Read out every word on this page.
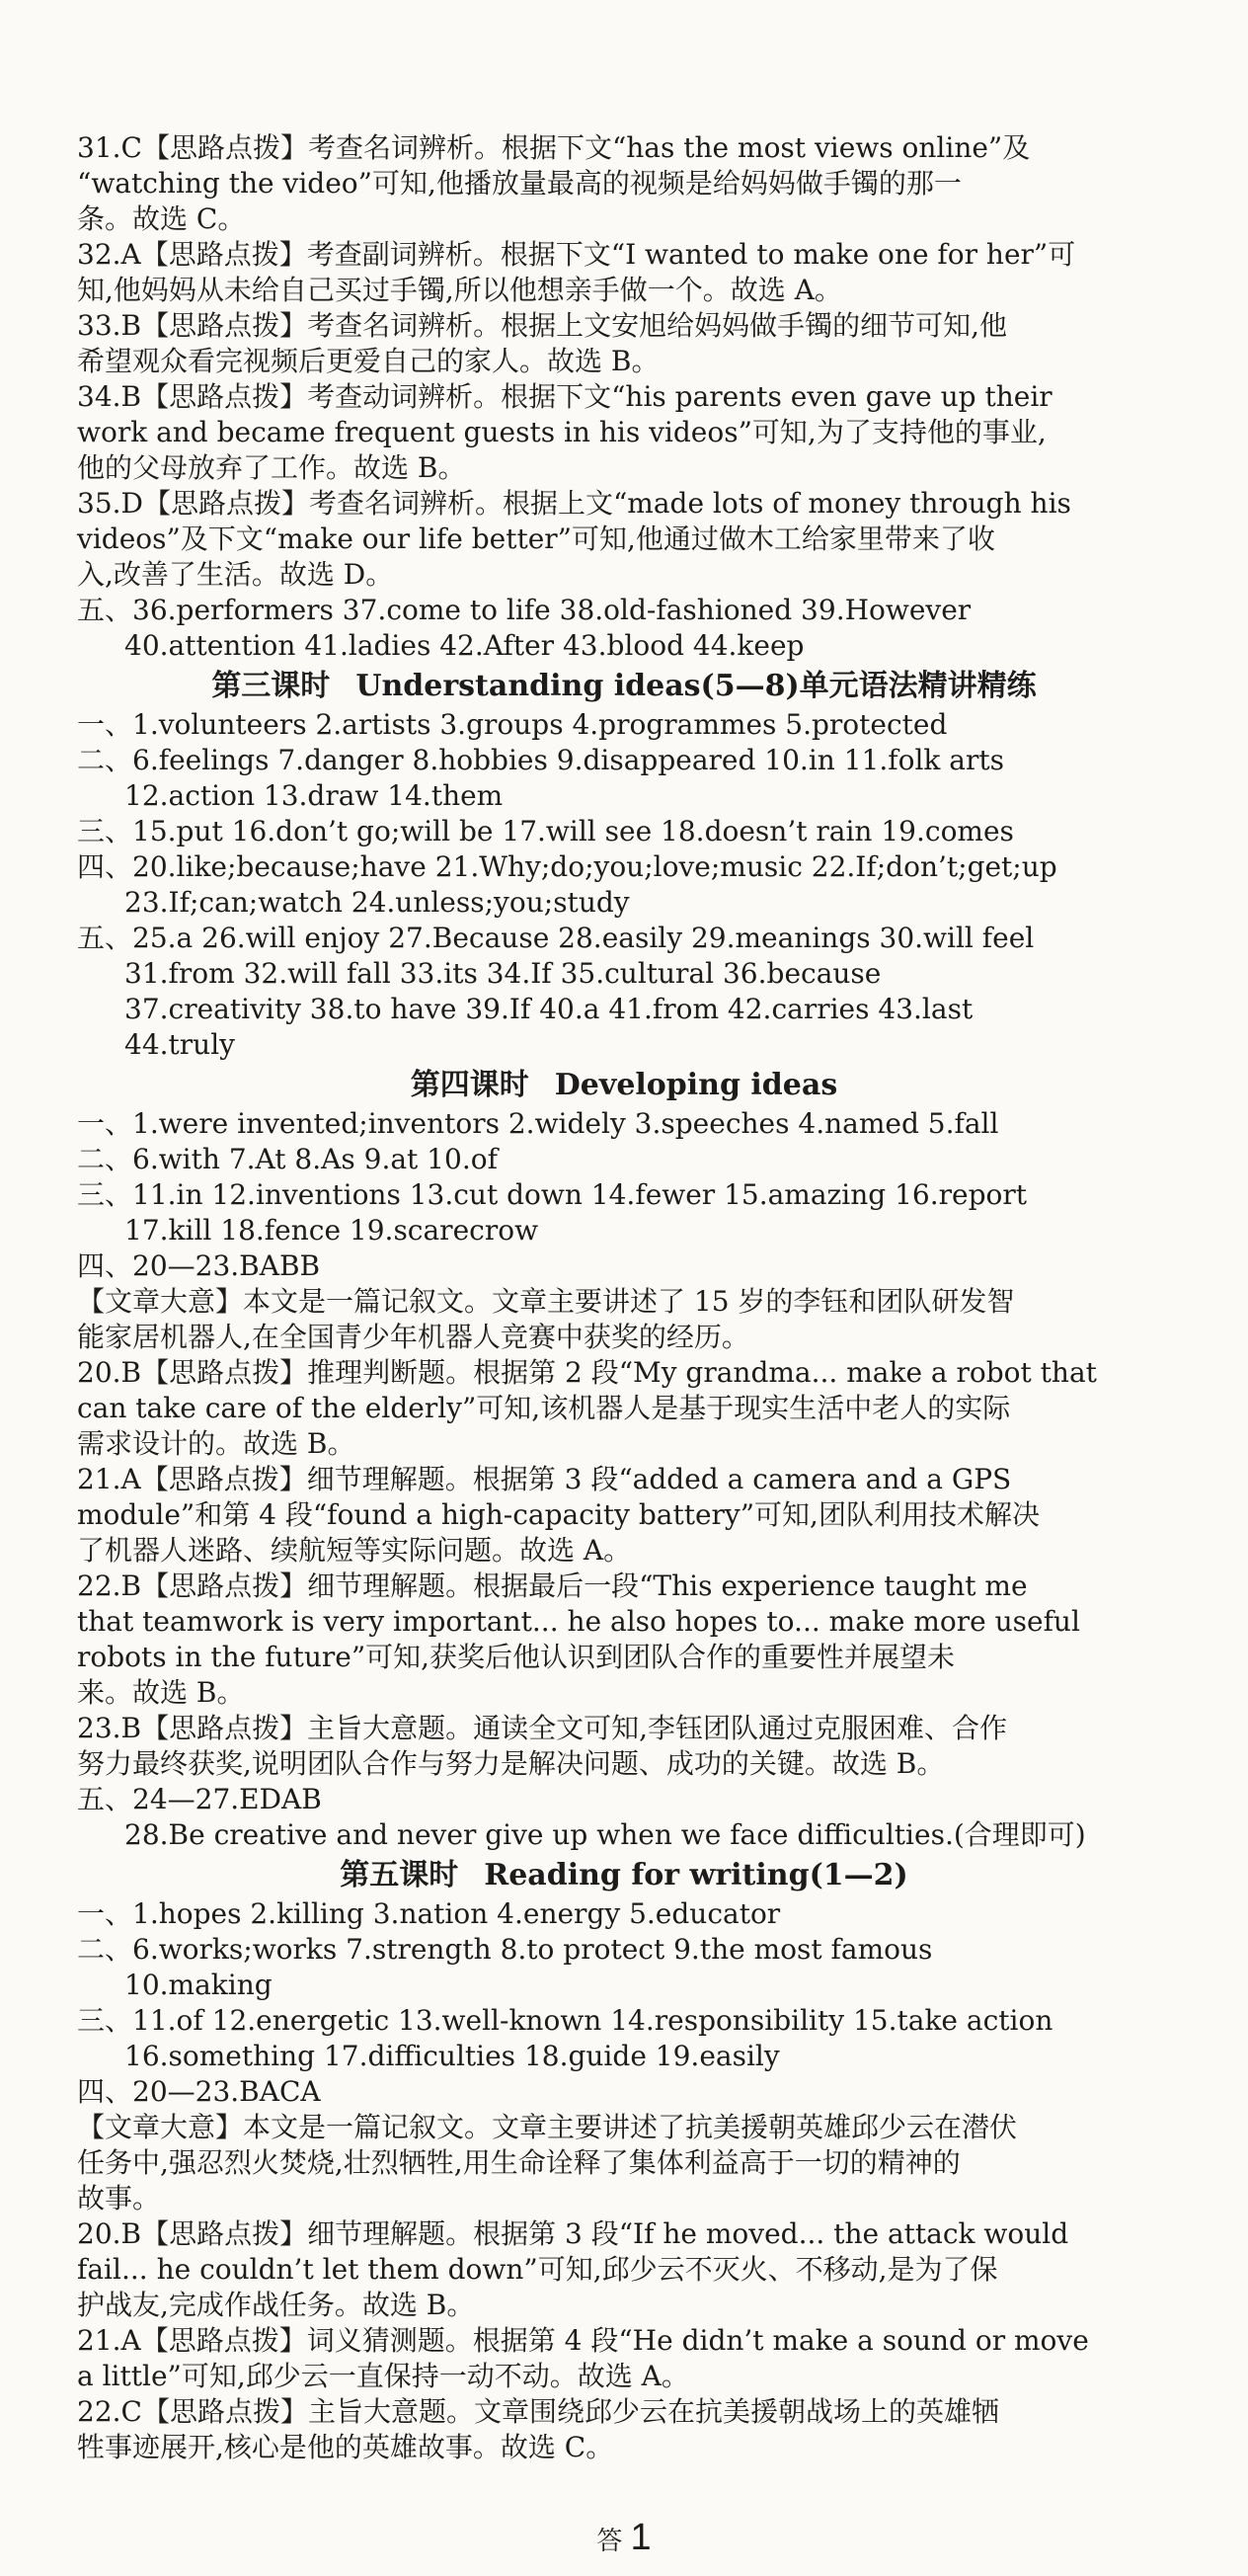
31.C【思路点拨】考查名词辨析。根据下文“has the most views online”及
“watching the video”可知,他播放量最高的视频是给妈妈做手镯的那一
条。故选 C。
32.A【思路点拨】考查副词辨析。根据下文“I wanted to make one for her”可
知,他妈妈从未给自己买过手镯,所以他想亲手做一个。故选 A。
33.B【思路点拨】考查名词辨析。根据上文安旭给妈妈做手镯的细节可知,他
希望观众看完视频后更爱自己的家人。故选 B。
34.B【思路点拨】考查动词辨析。根据下文“his parents even gave up their
work and became frequent guests in his videos”可知,为了支持他的事业,
他的父母放弃了工作。故选 B。
35.D【思路点拨】考查名词辨析。根据上文“made lots of money through his
videos”及下文“make our life better”可知,他通过做木工给家里带来了收
入,改善了生活。故选 D。
五、36.performers 37.come to life 38.old-fashioned 39.However
40.attention 41.ladies 42.After 43.blood 44.keep
第三课时 Understanding ideas(5—8)单元语法精讲精练
一、1.volunteers 2.artists 3.groups 4.programmes 5.protected
二、6.feelings 7.danger 8.hobbies 9.disappeared 10.in 11.folk arts
12.action 13.draw 14.them
三、15.put 16.don’t go;will be 17.will see 18.doesn’t rain 19.comes
四、20.like;because;have 21.Why;do;you;love;music 22.If;don’t;get;up
23.If;can;watch 24.unless;you;study
五、25.a 26.will enjoy 27.Because 28.easily 29.meanings 30.will feel
31.from 32.will fall 33.its 34.If 35.cultural 36.because
37.creativity 38.to have 39.If 40.a 41.from 42.carries 43.last
44.truly
第四课时 Developing ideas
一、1.were invented;inventors 2.widely 3.speeches 4.named 5.fall
二、6.with 7.At 8.As 9.at 10.of
三、11.in 12.inventions 13.cut down 14.fewer 15.amazing 16.report
17.kill 18.fence 19.scarecrow
四、20—23.BABB
【文章大意】本文是一篇记叙文。文章主要讲述了 15 岁的李钰和团队研发智
能家居机器人,在全国青少年机器人竞赛中获奖的经历。
20.B【思路点拨】推理判断题。根据第 2 段“My grandma... make a robot that
can take care of the elderly”可知,该机器人是基于现实生活中老人的实际
需求设计的。故选 B。
21.A【思路点拨】细节理解题。根据第 3 段“added a camera and a GPS
module”和第 4 段“found a high-capacity battery”可知,团队利用技术解决
了机器人迷路、续航短等实际问题。故选 A。
22.B【思路点拨】细节理解题。根据最后一段“This experience taught me
that teamwork is very important... he also hopes to... make more useful
robots in the future”可知,获奖后他认识到团队合作的重要性并展望未
来。故选 B。
23.B【思路点拨】主旨大意题。通读全文可知,李钰团队通过克服困难、合作
努力最终获奖,说明团队合作与努力是解决问题、成功的关键。故选 B。
五、24—27.EDAB
28.Be creative and never give up when we face difficulties.(合理即可)
第五课时 Reading for writing(1—2)
一、1.hopes 2.killing 3.nation 4.energy 5.educator
二、6.works;works 7.strength 8.to protect 9.the most famous
10.making
三、11.of 12.energetic 13.well-known 14.responsibility 15.take action
16.something 17.difficulties 18.guide 19.easily
四、20—23.BACA
【文章大意】本文是一篇记叙文。文章主要讲述了抗美援朝英雄邱少云在潜伏
任务中,强忍烈火焚烧,壮烈牺牲,用生命诠释了集体利益高于一切的精神的
故事。
20.B【思路点拨】细节理解题。根据第 3 段“If he moved... the attack would
fail... he couldn’t let them down”可知,邱少云不灭火、不移动,是为了保
护战友,完成作战任务。故选 B。
21.A【思路点拨】词义猜测题。根据第 4 段“He didn’t make a sound or move
a little”可知,邱少云一直保持一动不动。故选 A。
22.C【思路点拨】主旨大意题。文章围绕邱少云在抗美援朝战场上的英雄牺
牲事迹展开,核心是他的英雄故事。故选 C。
答 1
